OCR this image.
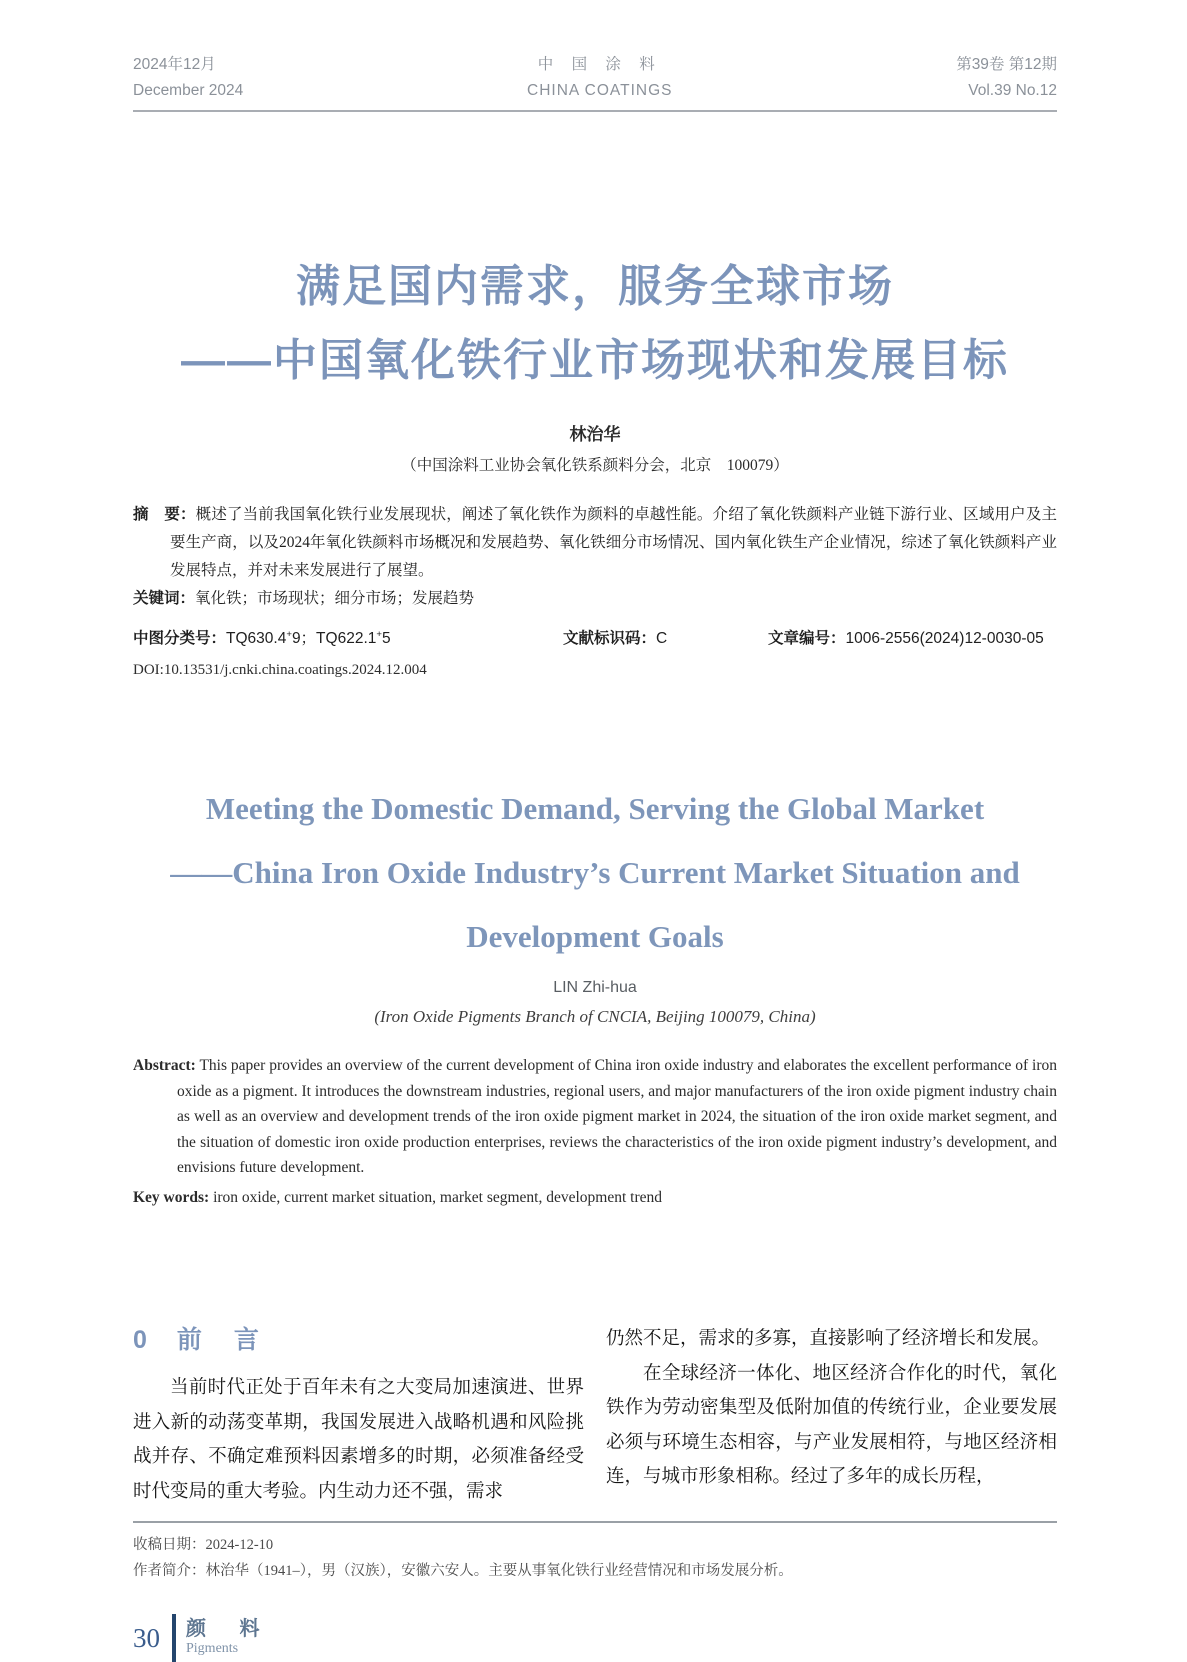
2024年12月
December 2024
中 国 涂 料
CHINA COATINGS
第39卷 第12期
Vol.39 No.12
满足国内需求，服务全球市场
——中国氧化铁行业市场现状和发展目标
林治华
（中国涂料工业协会氧化铁系颜料分会，北京　100079）
摘　要：概述了当前我国氧化铁行业发展现状，阐述了氧化铁作为颜料的卓越性能。介绍了氧化铁颜料产业链下游行业、区域用户及主要生产商，以及2024年氧化铁颜料市场概况和发展趋势、氧化铁细分市场情况、国内氧化铁生产企业情况，综述了氧化铁颜料产业发展特点，并对未来发展进行了展望。
关键词：氧化铁；市场现状；细分市场；发展趋势
中图分类号：TQ630.4+9；TQ622.1+5	文献标识码：C	文章编号：1006-2556(2024)12-0030-05
DOI:10.13531/j.cnki.china.coatings.2024.12.004
Meeting the Domestic Demand, Serving the Global Market
——China Iron Oxide Industry’s Current Market Situation and
Development Goals
LIN Zhi-hua
(Iron Oxide Pigments Branch of CNCIA, Beijing 100079, China)
Abstract: This paper provides an overview of the current development of China iron oxide industry and elaborates the excellent performance of iron oxide as a pigment. It introduces the downstream industries, regional users, and major manufacturers of the iron oxide pigment industry chain as well as an overview and development trends of the iron oxide pigment market in 2024, the situation of the iron oxide market segment, and the situation of domestic iron oxide production enterprises, reviews the characteristics of the iron oxide pigment industry’s development, and envisions future development.
Key words: iron oxide, current market situation, market segment, development trend
0 前言

当前时代正处于百年未有之大变局加速演进、世界进入新的动荡变革期，我国发展进入战略机遇和风险挑战并存、不确定难预料因素增多的时期，必须准备经受时代变局的重大考验。内生动力还不强，需求

仍然不足，需求的多寡，直接影响了经济增长和发展。

在全球经济一体化、地区经济合作化的时代，氧化铁作为劳动密集型及低附加值的传统行业，企业要发展必须与环境生态相容，与产业发展相符，与地区经济相连，与城市形象相称。经过了多年的成长历程，

收稿日期：2024-12-10
作者简介：林治华（1941–），男（汉族），安徽六安人。主要从事氧化铁行业经营情况和市场发展分析。
30 颜 料
Pigments
